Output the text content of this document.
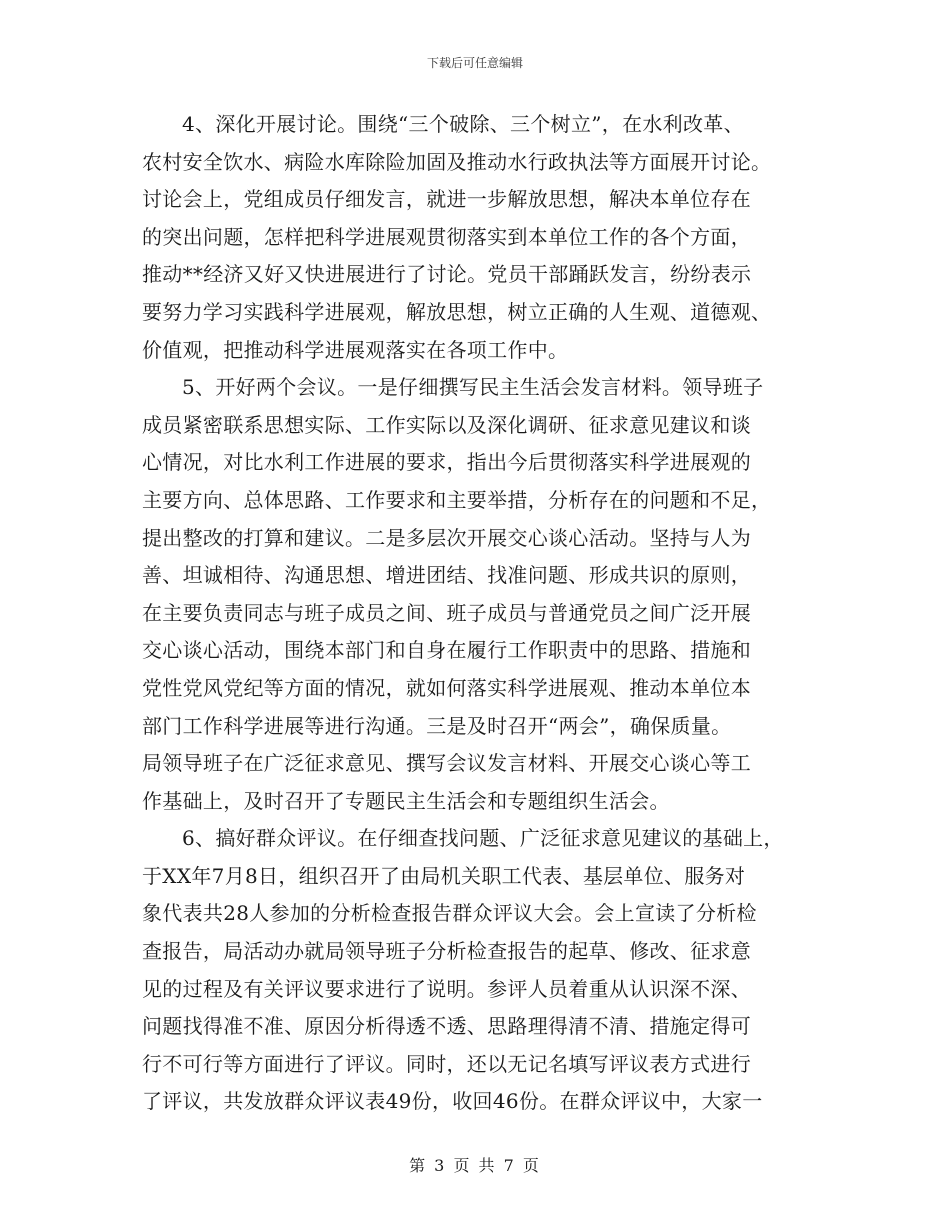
下载后可任意编辑
4、深化开展讨论。围绕“三个破除、三个树立”，在水利改革、
农村安全饮水、病险水库除险加固及推动水行政执法等方面展开讨论。
讨论会上，党组成员仔细发言，就进一步解放思想，解决本单位存在
的突出问题，怎样把科学进展观贯彻落实到本单位工作的各个方面，
推动**经济又好又快进展进行了讨论。党员干部踊跃发言，纷纷表示
要努力学习实践科学进展观，解放思想，树立正确的人生观、道德观、
价值观，把推动科学进展观落实在各项工作中。
5、开好两个会议。一是仔细撰写民主生活会发言材料。领导班子
成员紧密联系思想实际、工作实际以及深化调研、征求意见建议和谈
心情况，对比水利工作进展的要求，指出今后贯彻落实科学进展观的
主要方向、总体思路、工作要求和主要举措，分析存在的问题和不足，
提出整改的打算和建议。二是多层次开展交心谈心活动。坚持与人为
善、坦诚相待、沟通思想、增进团结、找准问题、形成共识的原则，
在主要负责同志与班子成员之间、班子成员与普通党员之间广泛开展
交心谈心活动，围绕本部门和自身在履行工作职责中的思路、措施和
党性党风党纪等方面的情况，就如何落实科学进展观、推动本单位本
部门工作科学进展等进行沟通。三是及时召开“两会”，确保质量。
局领导班子在广泛征求意见、撰写会议发言材料、开展交心谈心等工
作基础上，及时召开了专题民主生活会和专题组织生活会。
6、搞好群众评议。在仔细查找问题、广泛征求意见建议的基础上，
于XX年7月8日，组织召开了由局机关职工代表、基层单位、服务对
象代表共28人参加的分析检查报告群众评议大会。会上宣读了分析检
查报告，局活动办就局领导班子分析检查报告的起草、修改、征求意
见的过程及有关评议要求进行了说明。参评人员着重从认识深不深、
问题找得准不准、原因分析得透不透、思路理得清不清、措施定得可
行不可行等方面进行了评议。同时，还以无记名填写评议表方式进行
了评议，共发放群众评议表49份，收回46份。在群众评议中，大家一
第 3 页 共 7 页
